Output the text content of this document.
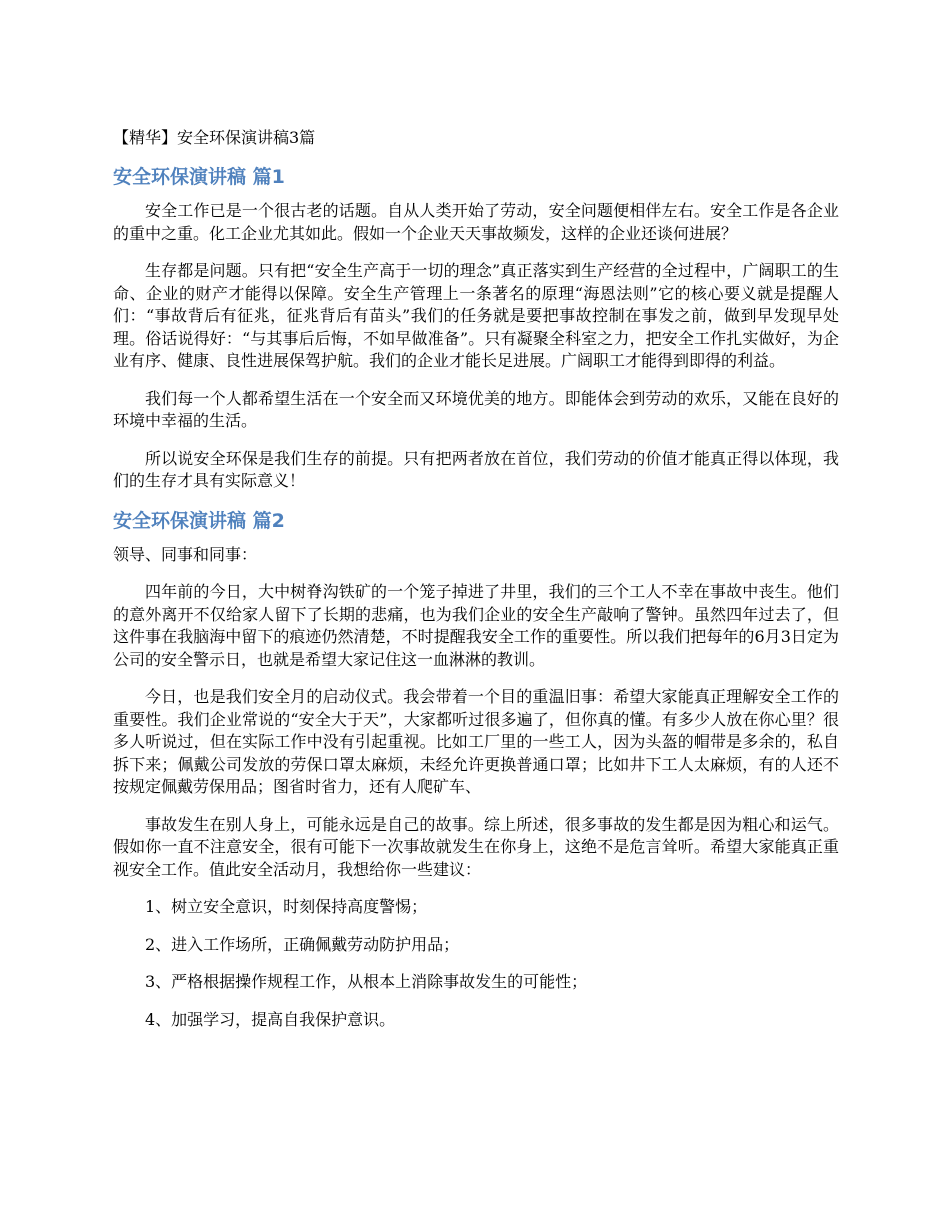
【精华】安全环保演讲稿3篇
安全环保演讲稿 篇1

安全工作已是一个很古老的话题。自从人类开始了劳动，安全问题便相伴左右。安全工作是各企业的重中之重。化工企业尤其如此。假如一个企业天天事故频发，这样的企业还谈何进展？

生存都是问题。只有把“安全生产高于一切的理念”真正落实到生产经营的全过程中，广阔职工的生命、企业的财产才能得以保障。安全生产管理上一条著名的原理“海恩法则”它的核心要义就是提醒人们：“事故背后有征兆，征兆背后有苗头”我们的任务就是要把事故控制在事发之前，做到早发现早处理。俗话说得好：“与其事后后悔，不如早做准备”。只有凝聚全科室之力，把安全工作扎实做好，为企业有序、健康、良性进展保驾护航。我们的企业才能长足进展。广阔职工才能得到即得的利益。

我们每一个人都希望生活在一个安全而又环境优美的地方。即能体会到劳动的欢乐，又能在良好的环境中幸福的生活。

所以说安全环保是我们生存的前提。只有把两者放在首位，我们劳动的价值才能真正得以体现，我们的生存才具有实际意义！

安全环保演讲稿 篇2

领导、同事和同事：

四年前的今日，大中树脊沟铁矿的一个笼子掉进了井里，我们的三个工人不幸在事故中丧生。他们的意外离开不仅给家人留下了长期的悲痛，也为我们企业的安全生产敲响了警钟。虽然四年过去了，但这件事在我脑海中留下的痕迹仍然清楚，不时提醒我安全工作的重要性。所以我们把每年的6月3日定为公司的安全警示日，也就是希望大家记住这一血淋淋的教训。

今日，也是我们安全月的启动仪式。我会带着一个目的重温旧事：希望大家能真正理解安全工作的重要性。我们企业常说的“安全大于天”，大家都听过很多遍了，但你真的懂。有多少人放在你心里？很多人听说过，但在实际工作中没有引起重视。比如工厂里的一些工人，因为头盔的帽带是多余的，私自拆下来；佩戴公司发放的劳保口罩太麻烦，未经允许更换普通口罩；比如井下工人太麻烦，有的人还不按规定佩戴劳保用品；图省时省力，还有人爬矿车、

事故发生在别人身上，可能永远是自己的故事。综上所述，很多事故的发生都是因为粗心和运气。假如你一直不注意安全，很有可能下一次事故就发生在你身上，这绝不是危言耸听。希望大家能真正重视安全工作。值此安全活动月，我想给你一些建议：

1、树立安全意识，时刻保持高度警惕；

2、进入工作场所，正确佩戴劳动防护用品；

3、严格根据操作规程工作，从根本上消除事故发生的可能性；

4、加强学习，提高自我保护意识。
